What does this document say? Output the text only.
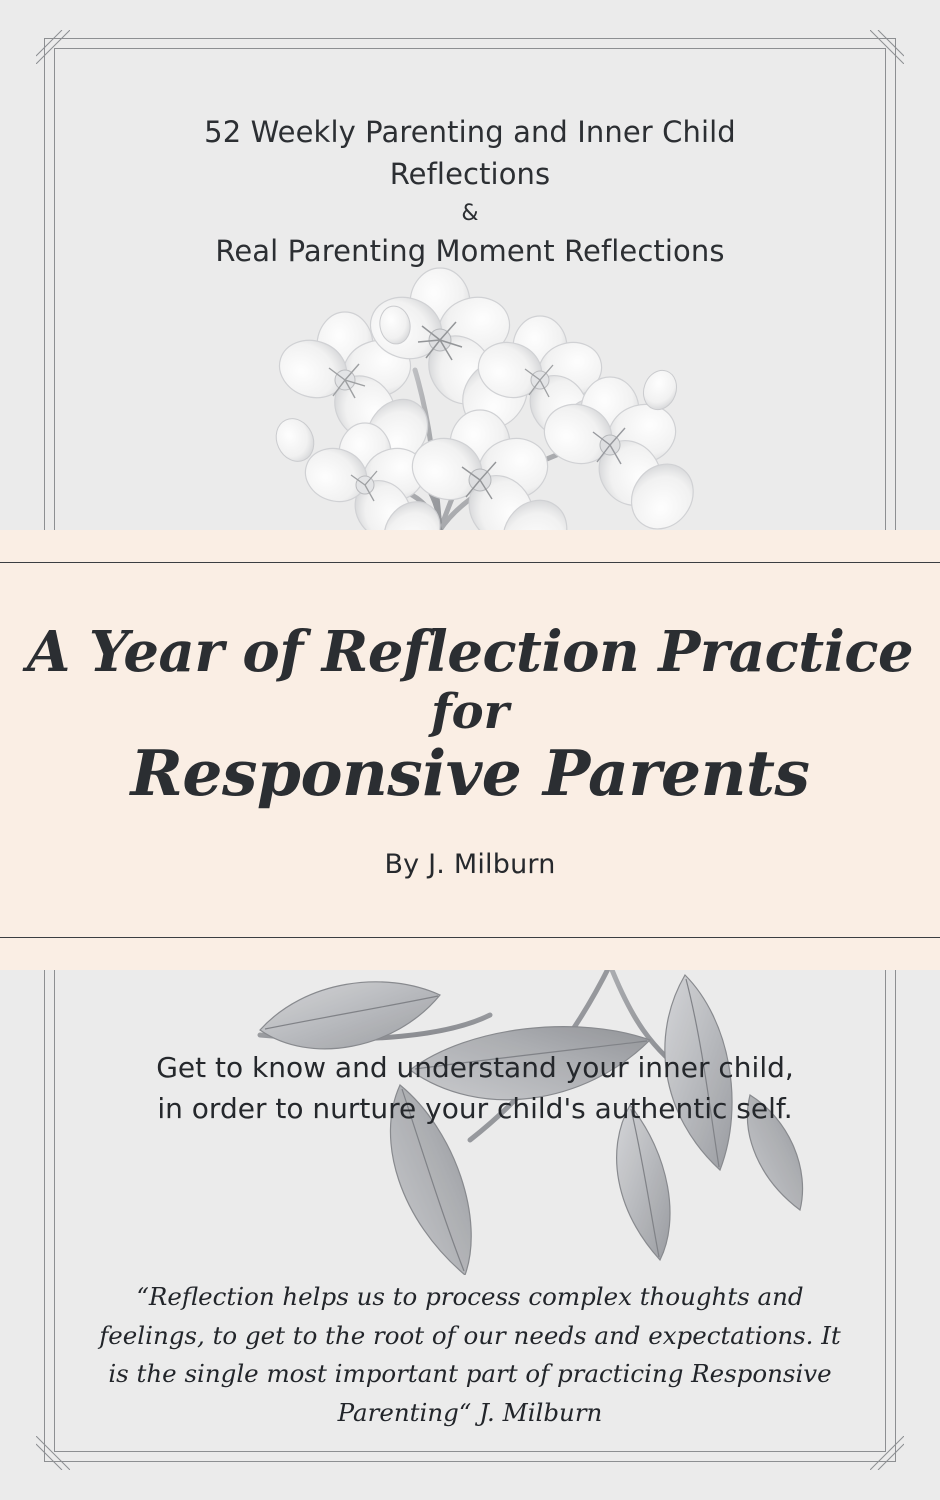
52 Weekly Parenting and Inner Child Reflections
&
Real Parenting Moment Reflections
A Year of Reflection Practice
for
Responsive Parents
By J. Milburn
Get to know and understand your inner child, in order to nurture your child's authentic self.
“Reflection helps us to process complex thoughts and feelings, to get to the root of our needs and expectations. It is the single most important part of practicing Responsive Parenting“ J. Milburn
